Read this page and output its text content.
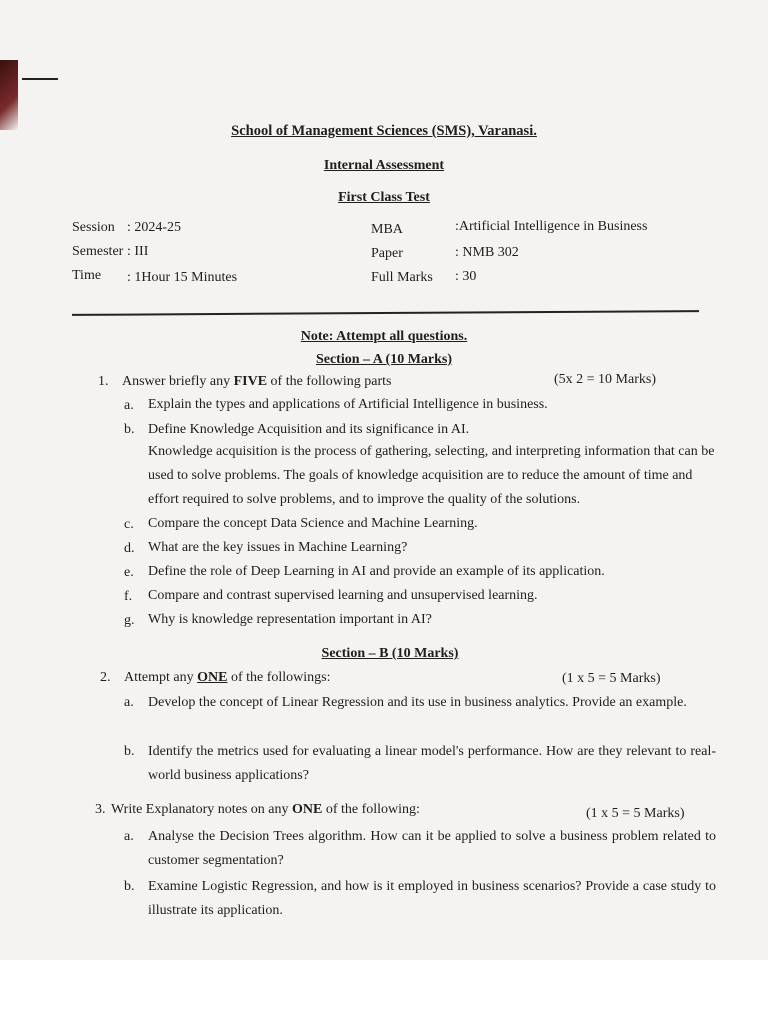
School of Management Sciences (SMS), Varanasi.
Internal Assessment
First Class Test
Session : 2024-25
Semester : III
Time : 1Hour 15 Minutes
MBA	:Artificial Intelligence in Business
Paper	: NMB 302
Full Marks : 30
Note: Attempt all questions.
Section – A (10 Marks)
1. Answer briefly any FIVE of the following parts	(5x 2 = 10 Marks)
a. Explain the types and applications of Artificial Intelligence in business.
b. Define Knowledge Acquisition and its significance in AI.
Knowledge acquisition is the process of gathering, selecting, and interpreting information that can be used to solve problems. The goals of knowledge acquisition are to reduce the amount of time and effort required to solve problems, and to improve the quality of the solutions.
c. Compare the concept Data Science and Machine Learning.
d. What are the key issues in Machine Learning?
e. Define the role of Deep Learning in AI and provide an example of its application.
f. Compare and contrast supervised learning and unsupervised learning.
g. Why is knowledge representation important in AI?
Section – B (10 Marks)
2. Attempt any ONE of the followings:	(1 x 5 = 5 Marks)
a. Develop the concept of Linear Regression and its use in business analytics. Provide an example.
b. Identify the metrics used for evaluating a linear model's performance. How are they relevant to real-world business applications?
3. Write Explanatory notes on any ONE of the following:	(1 x 5 = 5 Marks)
a. Analyse the Decision Trees algorithm. How can it be applied to solve a business problem related to customer segmentation?
b. Examine Logistic Regression, and how is it employed in business scenarios? Provide a case study to illustrate its application.
